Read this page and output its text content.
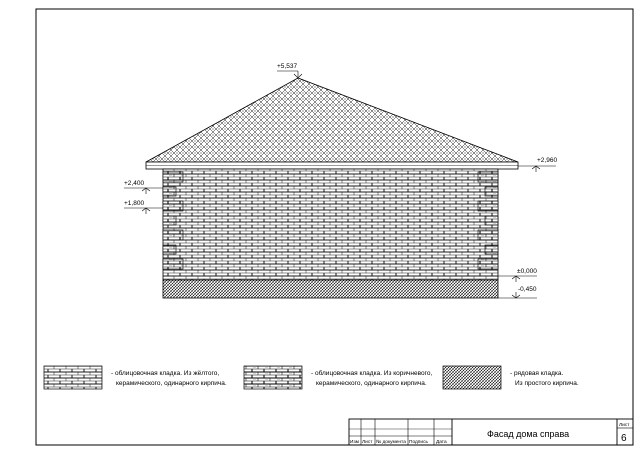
+5,537
+2,960
+2,400
+1,800
±0,000
-0,450
- облицовочная кладка. Из жёлтого,
керамического, одинарного кирпича.
- облицовочная кладка. Из коричневого,
керамического, одинарного кирпича.
- рядовая кладка.
Из простого кирпича.
Изм Лист № документа Подпись Дата
Фасад дома справа
Лист
6
